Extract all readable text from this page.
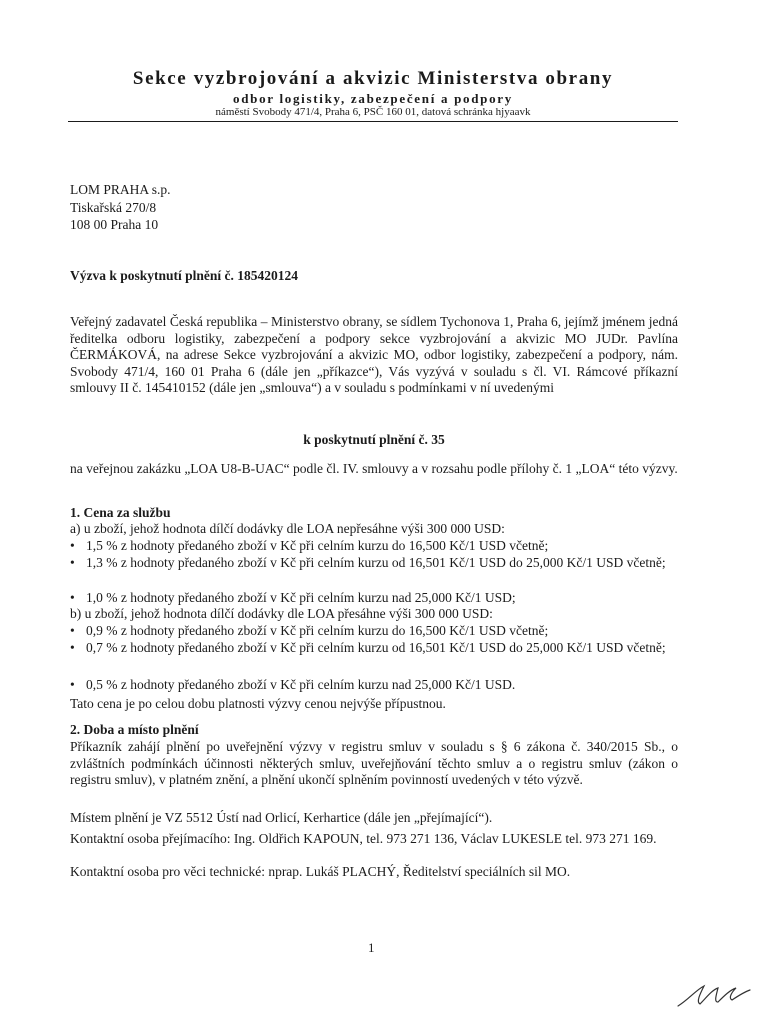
Sekce vyzbrojování a akvizic Ministerstva obrany
odbor logistiky, zabezpečení a podpory
náměstí Svobody 471/4, Praha 6, PSČ 160 01, datová schránka hjyaavk
LOM PRAHA s.p.
Tiskařská 270/8
108 00 Praha 10
Výzva k poskytnutí plnění č. 185420124

Veřejný zadavatel Česká republika – Ministerstvo obrany, se sídlem Tychonova 1, Praha 6, jejímž jménem jedná ředitelka odboru logistiky, zabezpečení a podpory sekce vyzbrojování a akvizic MO JUDr. Pavlína ČERMÁKOVÁ, na adrese Sekce vyzbrojování a akvizic MO, odbor logistiky, zabezpečení a podpory, nám. Svobody 471/4, 160 01 Praha 6 (dále jen „příkazce“), Vás vyzývá v souladu s čl. VI. Rámcové příkazní smlouvy II č. 145410152 (dále jen „smlouva“) a v souladu s podmínkami v ní uvedenými

k poskytnutí plnění č. 35

na veřejnou zakázku „LOA U8-B-UAC“ podle čl. IV. smlouvy a v rozsahu podle přílohy č. 1 „LOA“ této výzvy.

1. Cena za službu
a) u zboží, jehož hodnota dílčí dodávky dle LOA nepřesáhne výši 300 000 USD:
• 1,5 % z hodnoty předaného zboží v Kč při celním kurzu do 16,500 Kč/1 USD včetně;
• 1,3 % z hodnoty předaného zboží v Kč při celním kurzu od 16,501 Kč/1 USD do 25,000 Kč/1 USD včetně;
• 1,0 % z hodnoty předaného zboží v Kč při celním kurzu nad 25,000 Kč/1 USD;
b) u zboží, jehož hodnota dílčí dodávky dle LOA přesáhne výši 300 000 USD:
• 0,9 % z hodnoty předaného zboží v Kč při celním kurzu do 16,500 Kč/1 USD včetně;
• 0,7 % z hodnoty předaného zboží v Kč při celním kurzu od 16,501 Kč/1 USD do 25,000 Kč/1 USD včetně;
• 0,5 % z hodnoty předaného zboží v Kč při celním kurzu nad 25,000 Kč/1 USD.
Tato cena je po celou dobu platnosti výzvy cenou nejvýše přípustnou.
2. Doba a místo plnění

Příkazník zahájí plnění po uveřejnění výzvy v registru smluv v souladu s § 6 zákona č. 340/2015 Sb., o zvláštních podmínkách účinnosti některých smluv, uveřejňování těchto smluv a o registru smluv (zákon o registru smluv), v platném znění, a plnění ukončí splněním povinností uvedených v této výzvě.

Místem plnění je VZ 5512 Ústí nad Orlicí, Kerhartice (dále jen „přejímající“).

Kontaktní osoba přejímacího: Ing. Oldřich KAPOUN, tel. 973 271 136, Václav LUKESLE tel. 973 271 169.

Kontaktní osoba pro věci technické: nprap. Lukáš PLACHÝ, Ředitelství speciálních sil MO.
1
